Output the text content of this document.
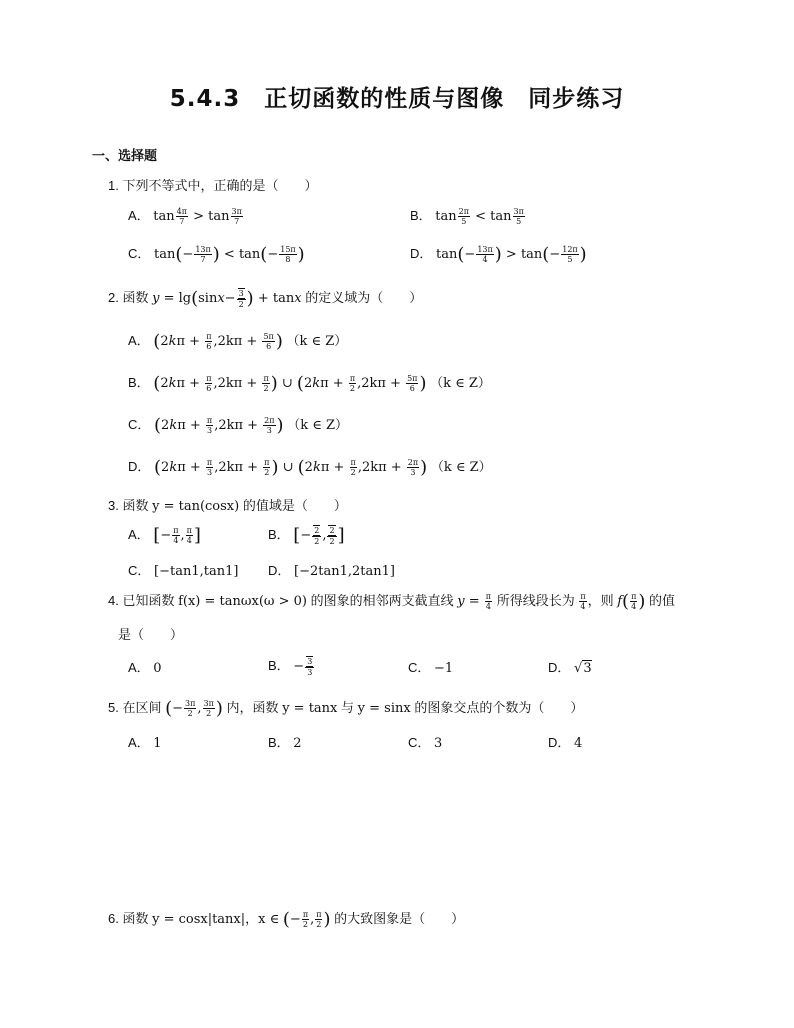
5.4.3　正切函数的性质与图像　同步练习
一、选择题
1. 下列不等式中，正确的是（　　）
A． $\tan \frac{4\pi}{7} > \tan \frac{3\pi}{7}$	B． $\tan \frac{2\pi}{5} < \tan \frac{3\pi}{5}$
C． $\tan(- \frac{13\pi}{7}$ ) < $\tan(- \frac{15\pi}{8}$ )	D． $\tan(- \frac{13\pi}{4}$ ) > $\tan(- \frac{12\pi}{5}$ )
2. 函数 $y = \lg(\sin x- \frac{3}{2}$ ) + tanx 的定义域为（　　）
A． ($2k\pi + \frac{\pi}{6} ,2k\pi + \frac{5\pi}{6}$ ) （k ∈ Z）
B． ($2k\pi + \frac{\pi}{6} ,2k\pi + \frac{\pi}{2}$ ) ∪ ($2k\pi + \frac{\pi}{2} ,2k\pi + \frac{5\pi}{6}$ ) （k ∈ Z）
C． ($2k\pi + \frac{\pi}{3} ,2k\pi + \frac{2\pi}{3}$ ) （k ∈ Z）
D． ($2k\pi + \frac{\pi}{3} ,2k\pi + \frac{\pi}{2}$ ) ∪ ($2k\pi + \frac{\pi}{2} ,2k\pi + \frac{2\pi}{3}$ ) （k ∈ Z）
3. 函数 y = tan(cosx) 的值域是（　　）
A． [− $\frac{\pi}{4}$ , $\frac{\pi}{4}$ ]	B． [− $\frac{2}{2}$ , $\frac{2}{2}$ ]
C． [−tan1,tan1] D． [−2tan1,2tan1]
4. 已知函数 f(x) = tanωx(ω > 0) 的图象的相邻两支截直线 $y = \frac{\pi}{4}$ 所得线段长为 $\frac{\pi}{4}$ ，则 $f( \frac{\pi}{4}$ ) 的值
是（　　）
A． 0	B． − $\frac{3}{3}$	C． −1	D． √3
5. 在区间 (− $\frac{3\pi}{2}$ , $\frac{3\pi}{2}$ ) 内，函数 y = tanx 与 y = sinx 的图象交点的个数为（　　）
A． 1	B． 2	C． 3	D． 4
6. 函数 y = cosx|tanx|，x ∈ (− $\frac{\pi}{2}$ , $\frac{\pi}{2}$ ) 的大致图象是（　　）
